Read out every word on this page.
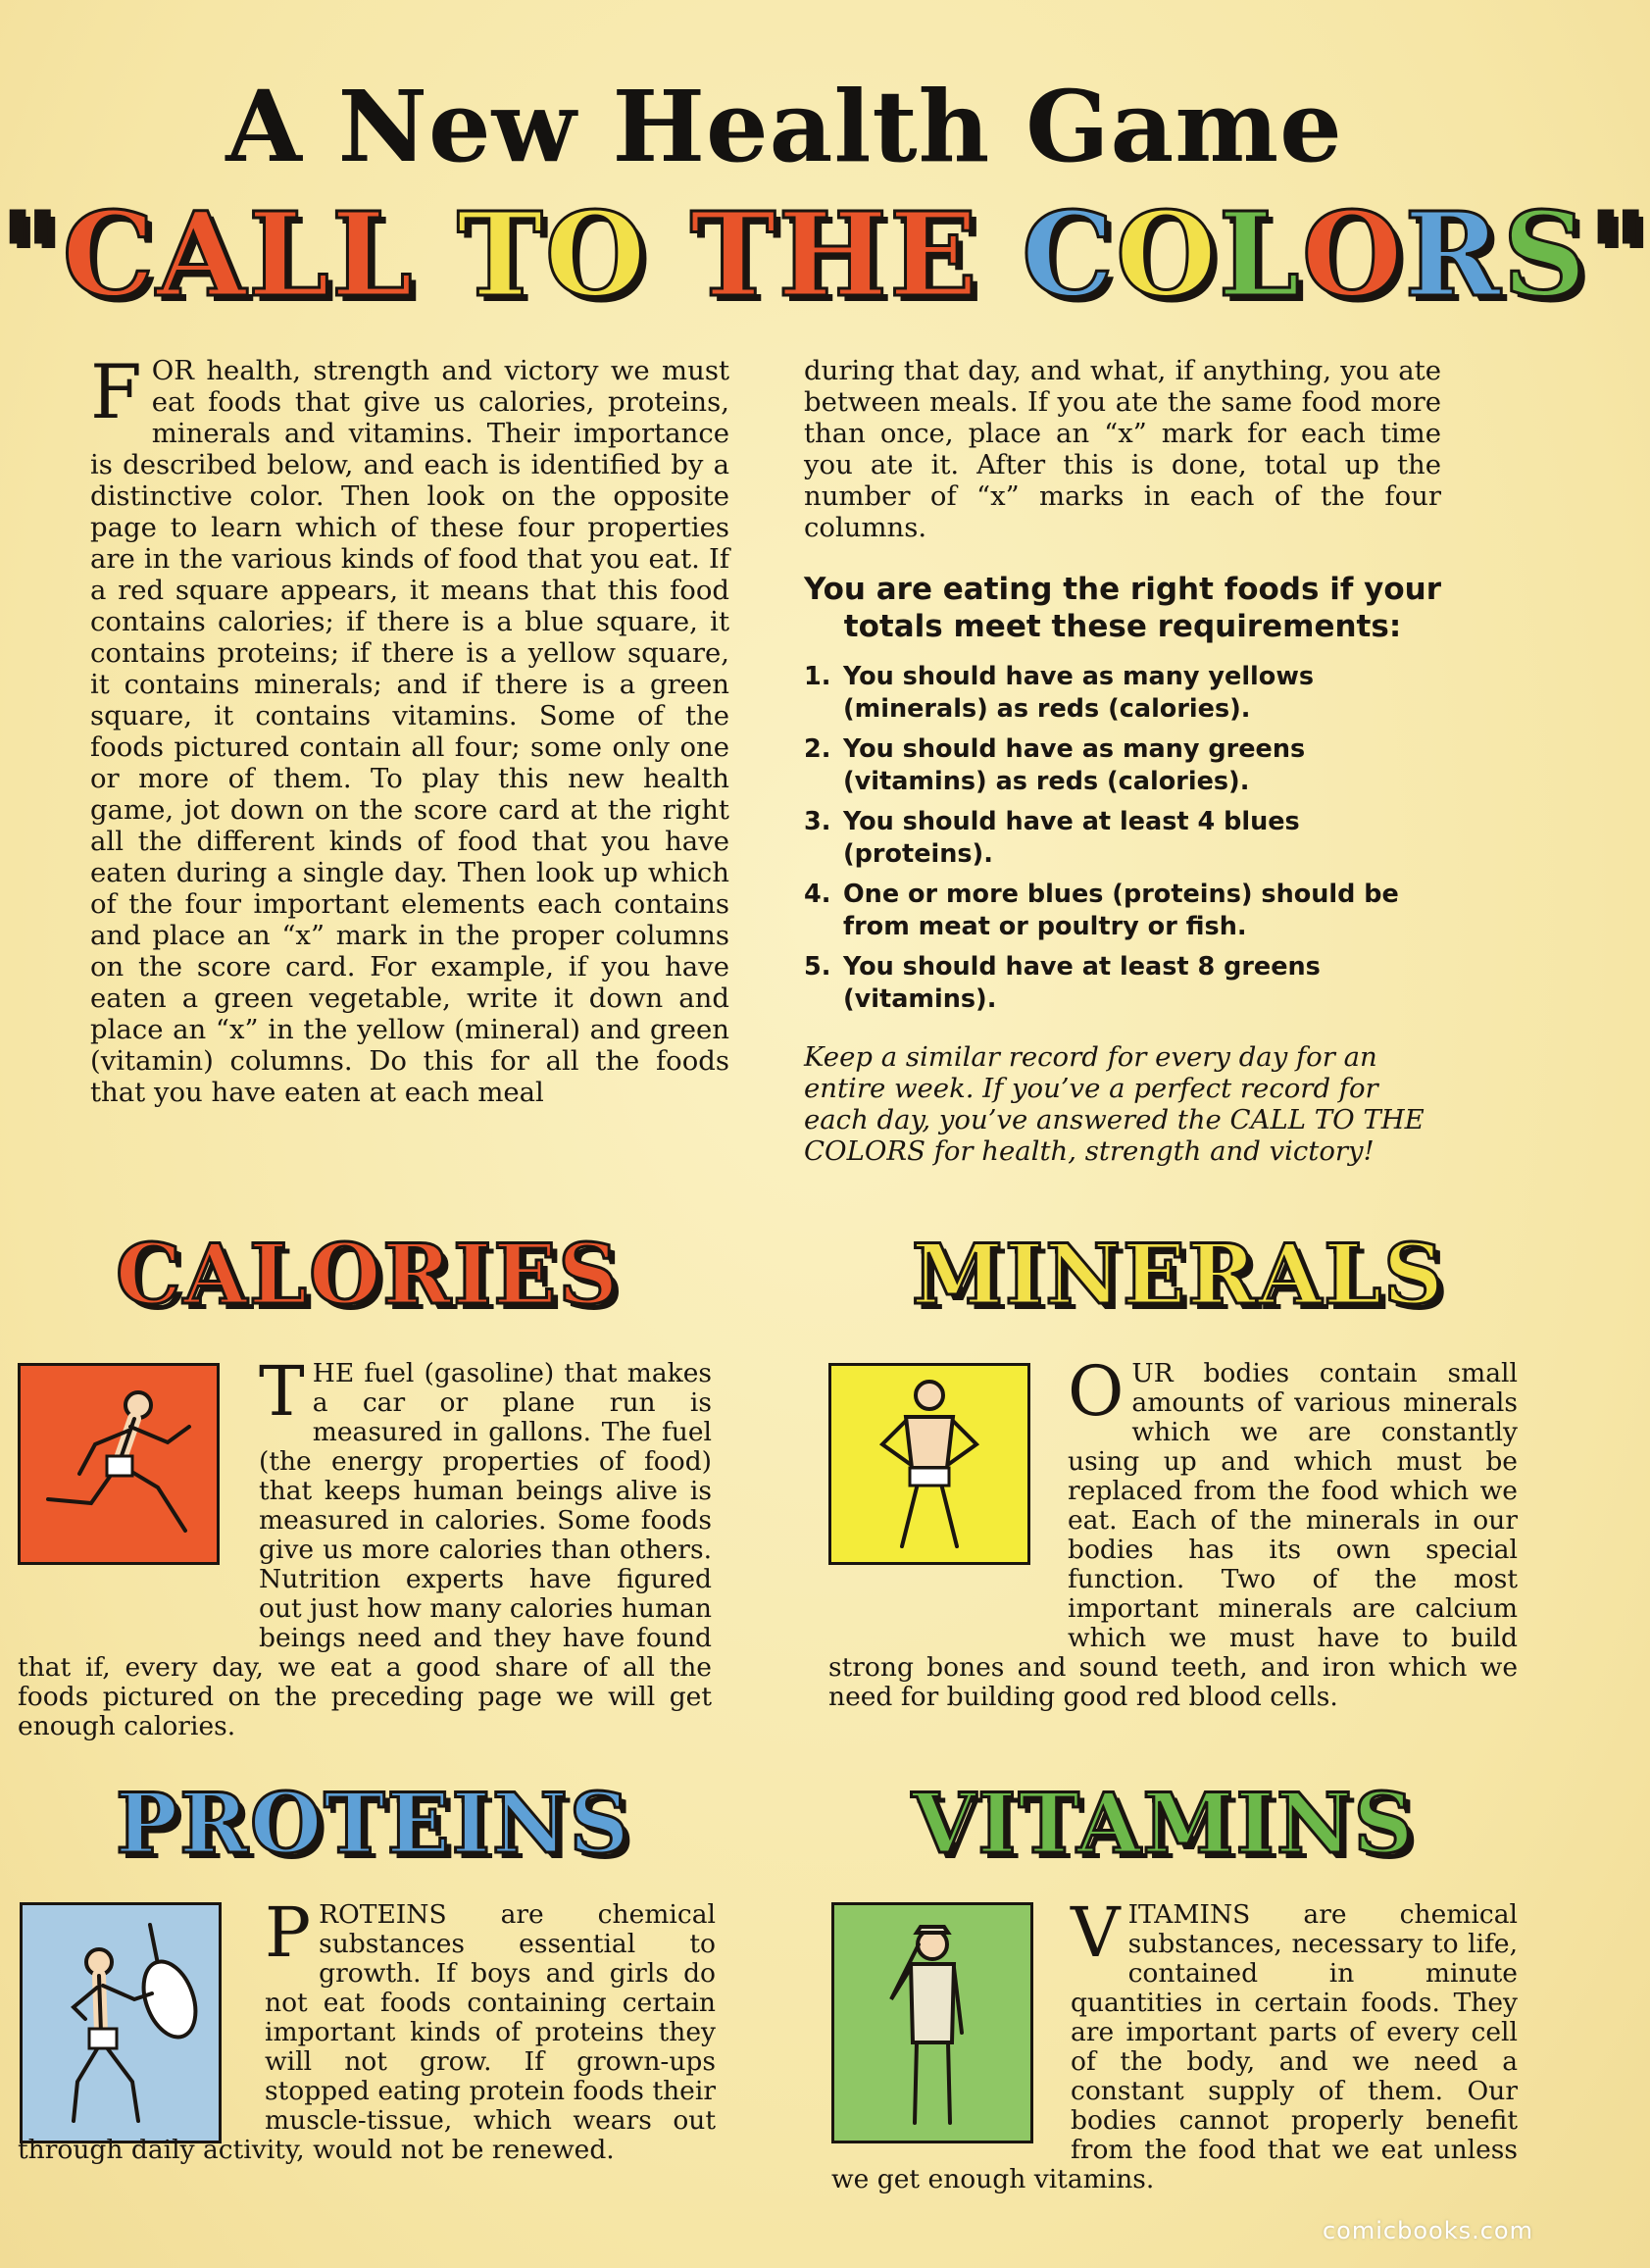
A New Health Game
"CALL TO THE COLORS"
FOR health, strength and victory we must eat foods that give us calories, proteins, minerals and vitamins. Their importance is described below, and each is identified by a distinctive color. Then look on the opposite page to learn which of these four properties are in the various kinds of food that you eat. If a red square appears, it means that this food contains calories; if there is a blue square, it contains proteins; if there is a yellow square, it contains minerals; and if there is a green square, it contains vitamins. Some of the foods pictured contain all four; some only one or more of them. To play this new health game, jot down on the score card at the right all the different kinds of food that you have eaten during a single day. Then look up which of the four important elements each contains and place an “x” mark in the proper columns on the score card. For example, if you have eaten a green vegetable, write it down and place an “x” in the yellow (mineral) and green (vitamin) columns. Do this for all the foods that you have eaten at each meal
during that day, and what, if anything, you ate between meals. If you ate the same food more than once, place an “x” mark for each time you ate it. After this is done, total up the number of “x” marks in each of the four columns.
You are eating the right foods if your totals meet these requirements:
1. You should have as many yellows (minerals) as reds (calories).
2. You should have as many greens (vitamins) as reds (calories).
3. You should have at least 4 blues (proteins).
4. One or more blues (proteins) should be from meat or poultry or fish.
5. You should have at least 8 greens (vitamins).
Keep a similar record for every day for an entire week. If you’ve a perfect record for each day, you’ve answered the CALL TO THE COLORS for health, strength and victory!
CALORIES	MINERALS
PROTEINS	VITAMINS
THE fuel (gasoline) that makes a car or plane run is measured in gallons. The fuel (the energy properties of food) that keeps human beings alive is measured in calories. Some foods give us more calories than others. Nutrition experts have figured out just how many calories human beings need and they have found that if, every day, we eat a good share of all the foods pictured on the preceding page we will get enough calories.
OUR bodies contain small amounts of various minerals which we are constantly using up and which must be replaced from the food which we eat. Each of the minerals in our bodies has its own special function. Two of the most important minerals are calcium which we must have to build strong bones and sound teeth, and iron which we need for building good red blood cells.
PROTEINS are chemical substances essential to growth. If boys and girls do not eat foods containing certain important kinds of proteins they will not grow. If grown-ups stopped eating protein foods their muscle-tissue, which wears out through daily activity, would not be renewed.
VITAMINS are chemical substances, necessary to life, contained in minute quantities in certain foods. They are important parts of every cell of the body, and we need a constant supply of them. Our bodies cannot properly benefit from the food that we eat unless we get enough vitamins.
comicbooks.com
